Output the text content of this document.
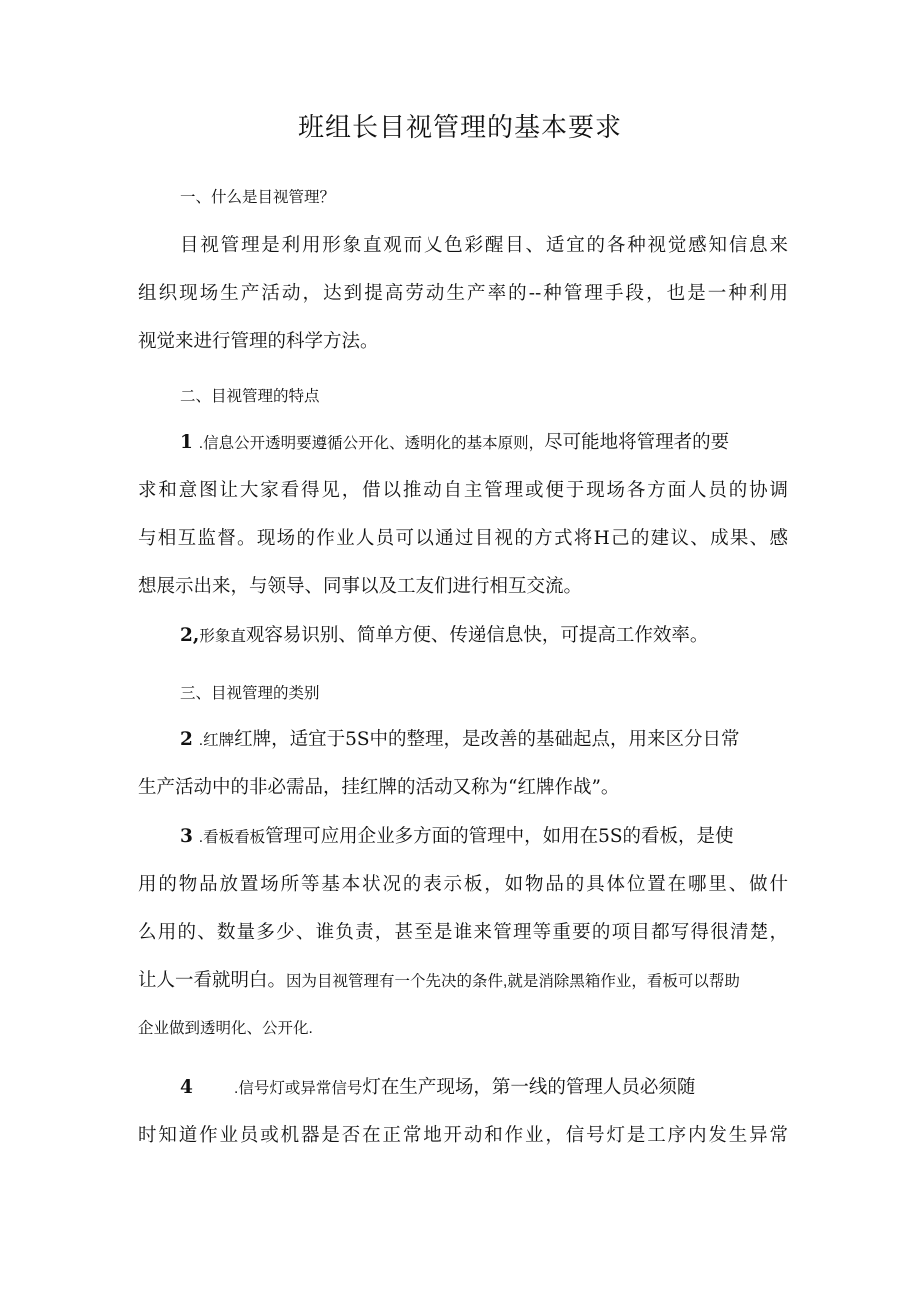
班组长目视管理的基本要求
一、什么是目视管理？
目视管理是利用形象直观而乂色彩醒目、适宜的各种视觉感知信息来
组织现场生产活动，达到提高劳动生产率的--种管理手段，也是一种利用
视觉来进行管理的科学方法。
二、目视管理的特点
1 .信息公开透明要遵循公开化、透明化的基本原则，尽可能地将管理者的要
求和意图让大家看得见，借以推动自主管理或便于现场各方面人员的协调
与相互监督。现场的作业人员可以通过目视的方式将H己的建议、成果、感
想展示出来，与领导、同事以及工友们进行相互交流。
2,形象直观容易识别、简单方便、传递信息快，可提高工作效率。
三、目视管理的类别
2 .红牌红牌，适宜于5S中的整理，是改善的基础起点，用来区分日常
生产活动中的非必需品，挂红牌的活动又称为“红牌作战”。
3 .看板看板管理可应用企业多方面的管理中，如用在5S的看板，是使
用的物品放置场所等基本状况的表示板，如物品的具体位置在哪里、做什
么用的、数量多少、谁负责，甚至是谁来管理等重要的项目都写得很清楚，
让人一看就明白。因为目视管理有一个先决的条件,就是消除黑箱作业，看板可以帮助
企业做到透明化、公开化.
4	.信号灯或异常信号灯在生产现场，第一线的管理人员必须随
时知道作业员或机器是否在正常地开动和作业，信号灯是工序内发生异常
